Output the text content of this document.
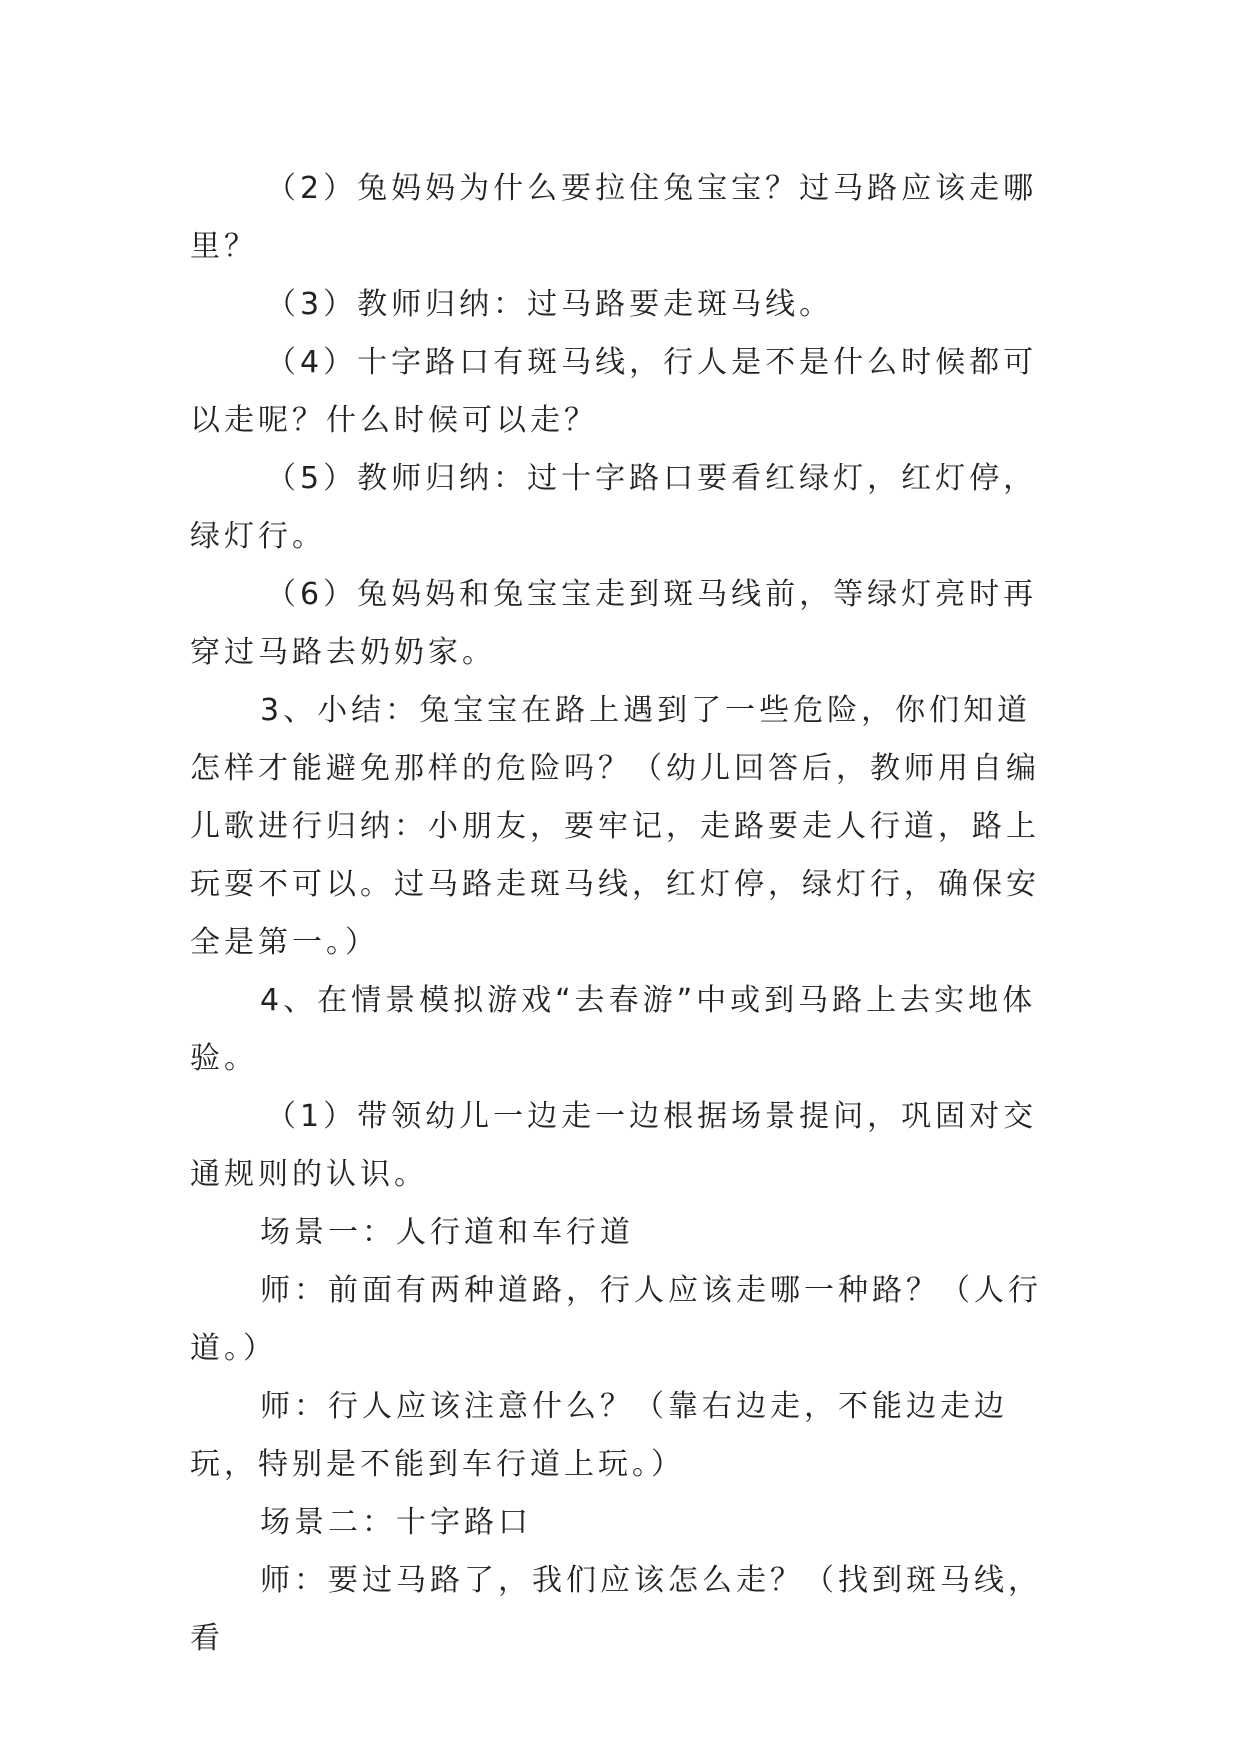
（2）兔妈妈为什么要拉住兔宝宝？过马路应该走哪里？

（3）教师归纳：过马路要走斑马线。

（4）十字路口有斑马线，行人是不是什么时候都可以走呢？什么时候可以走？

（5）教师归纳：过十字路口要看红绿灯，红灯停，绿灯行。

（6）兔妈妈和兔宝宝走到斑马线前，等绿灯亮时再穿过马路去奶奶家。

3、小结：兔宝宝在路上遇到了一些危险，你们知道怎样才能避免那样的危险吗？（幼儿回答后，教师用自编儿歌进行归纳：小朋友，要牢记，走路要走人行道，路上玩耍不可以。过马路走斑马线，红灯停，绿灯行，确保安全是第一。）

4、在情景模拟游戏“去春游”中或到马路上去实地体验。

（1）带领幼儿一边走一边根据场景提问，巩固对交通规则的认识。

场景一：人行道和车行道

师：前面有两种道路，行人应该走哪一种路？（人行道。）

师：行人应该注意什么？（靠右边走，不能边走边玩，特别是不能到车行道上玩。）

场景二：十字路口

师：要过马路了，我们应该怎么走？（找到斑马线，看
